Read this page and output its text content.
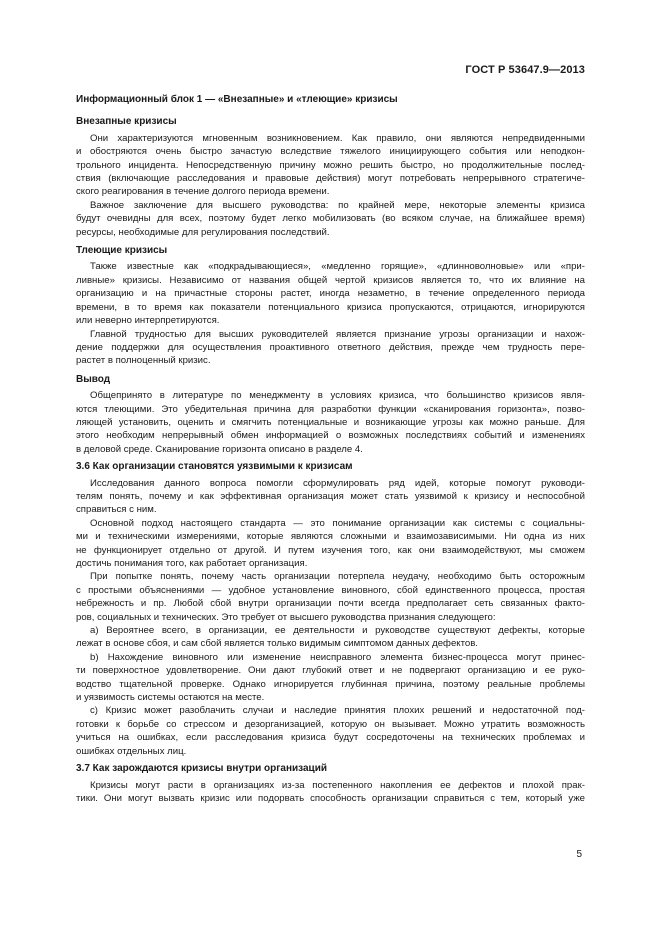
ГОСТ Р 53647.9—2013
Информационный блок 1 — «Внезапные» и «тлеющие» кризисы
Внезапные кризисы
Они характеризуются мгновенным возникновением. Как правило, они являются непредвиденными
и обостряются очень быстро зачастую вследствие тяжелого инициирующего события или неподкон-
трольного инцидента. Непосредственную причину можно решить быстро, но продолжительные послед-
ствия (включающие расследования и правовые действия) могут потребовать непрерывного стратегиче-
ского реагирования в течение долгого периода времени.
Важное заключение для высшего руководства: по крайней мере, некоторые элементы кризиса
будут очевидны для всех, поэтому будет легко мобилизовать (во всяком случае, на ближайшее время)
ресурсы, необходимые для регулирования последствий.
Тлеющие кризисы
Также известные как «подкрадывающиеся», «медленно горящие», «длинноволновые» или «при-
ливные» кризисы. Независимо от названия общей чертой кризисов является то, что их влияние на
организацию и на причастные стороны растет, иногда незаметно, в течение определенного периода
времени, в то время как показатели потенциального кризиса пропускаются, отрицаются, игнорируются
или неверно интерпретируются.
Главной трудностью для высших руководителей является признание угрозы организации и нахож-
дение поддержки для осуществления проактивного ответного действия, прежде чем трудность пере-
растет в полноценный кризис.
Вывод
Общепринято в литературе по менеджменту в условиях кризиса, что большинство кризисов явля-
ются тлеющими. Это убедительная причина для разработки функции «сканирования горизонта», позво-
ляющей установить, оценить и смягчить потенциальные и возникающие угрозы как можно раньше. Для
этого необходим непрерывный обмен информацией о возможных последствиях событий и изменениях
в деловой среде. Сканирование горизонта описано в разделе 4.
3.6 Как организации становятся уязвимыми к кризисам
Исследования данного вопроса помогли сформулировать ряд идей, которые помогут руководи-
телям понять, почему и как эффективная организация может стать уязвимой к кризису и неспособной
справиться с ним.
Основной подход настоящего стандарта — это понимание организации как системы с социальны-
ми и техническими измерениями, которые являются сложными и взаимозависимыми. Ни одна из них
не функционирует отдельно от другой. И путем изучения того, как они взаимодействуют, мы сможем
достичь понимания того, как работает организация.
При попытке понять, почему часть организации потерпела неудачу, необходимо быть осторожным
с простыми объяснениями — удобное установление виновного, сбой единственного процесса, простая
небрежность и пр. Любой сбой внутри организации почти всегда предполагает сеть связанных факто-
ров, социальных и технических. Это требует от высшего руководства признания следующего:
a) Вероятнее всего, в организации, ее деятельности и руководстве существуют дефекты, которые
лежат в основе сбоя, и сам сбой является только видимым симптомом данных дефектов.
b) Нахождение виновного или изменение неисправного элемента бизнес-процесса могут принес-
ти поверхностное удовлетворение. Они дают глубокий ответ и не подвергают организацию и ее руко-
водство тщательной проверке. Однако игнорируется глубинная причина, поэтому реальные проблемы
и уязвимость системы остаются на месте.
c) Кризис может разоблачить случаи и наследие принятия плохих решений и недостаточной под-
готовки к борьбе со стрессом и дезорганизацией, которую он вызывает. Можно утратить возможность
учиться на ошибках, если расследования кризиса будут сосредоточены на технических проблемах и
ошибках отдельных лиц.
3.7 Как зарождаются кризисы внутри организаций
Кризисы могут расти в организациях из-за постепенного накопления ее дефектов и плохой прак-
тики. Они могут вызвать кризис или подорвать способность организации справиться с тем, который уже
5
